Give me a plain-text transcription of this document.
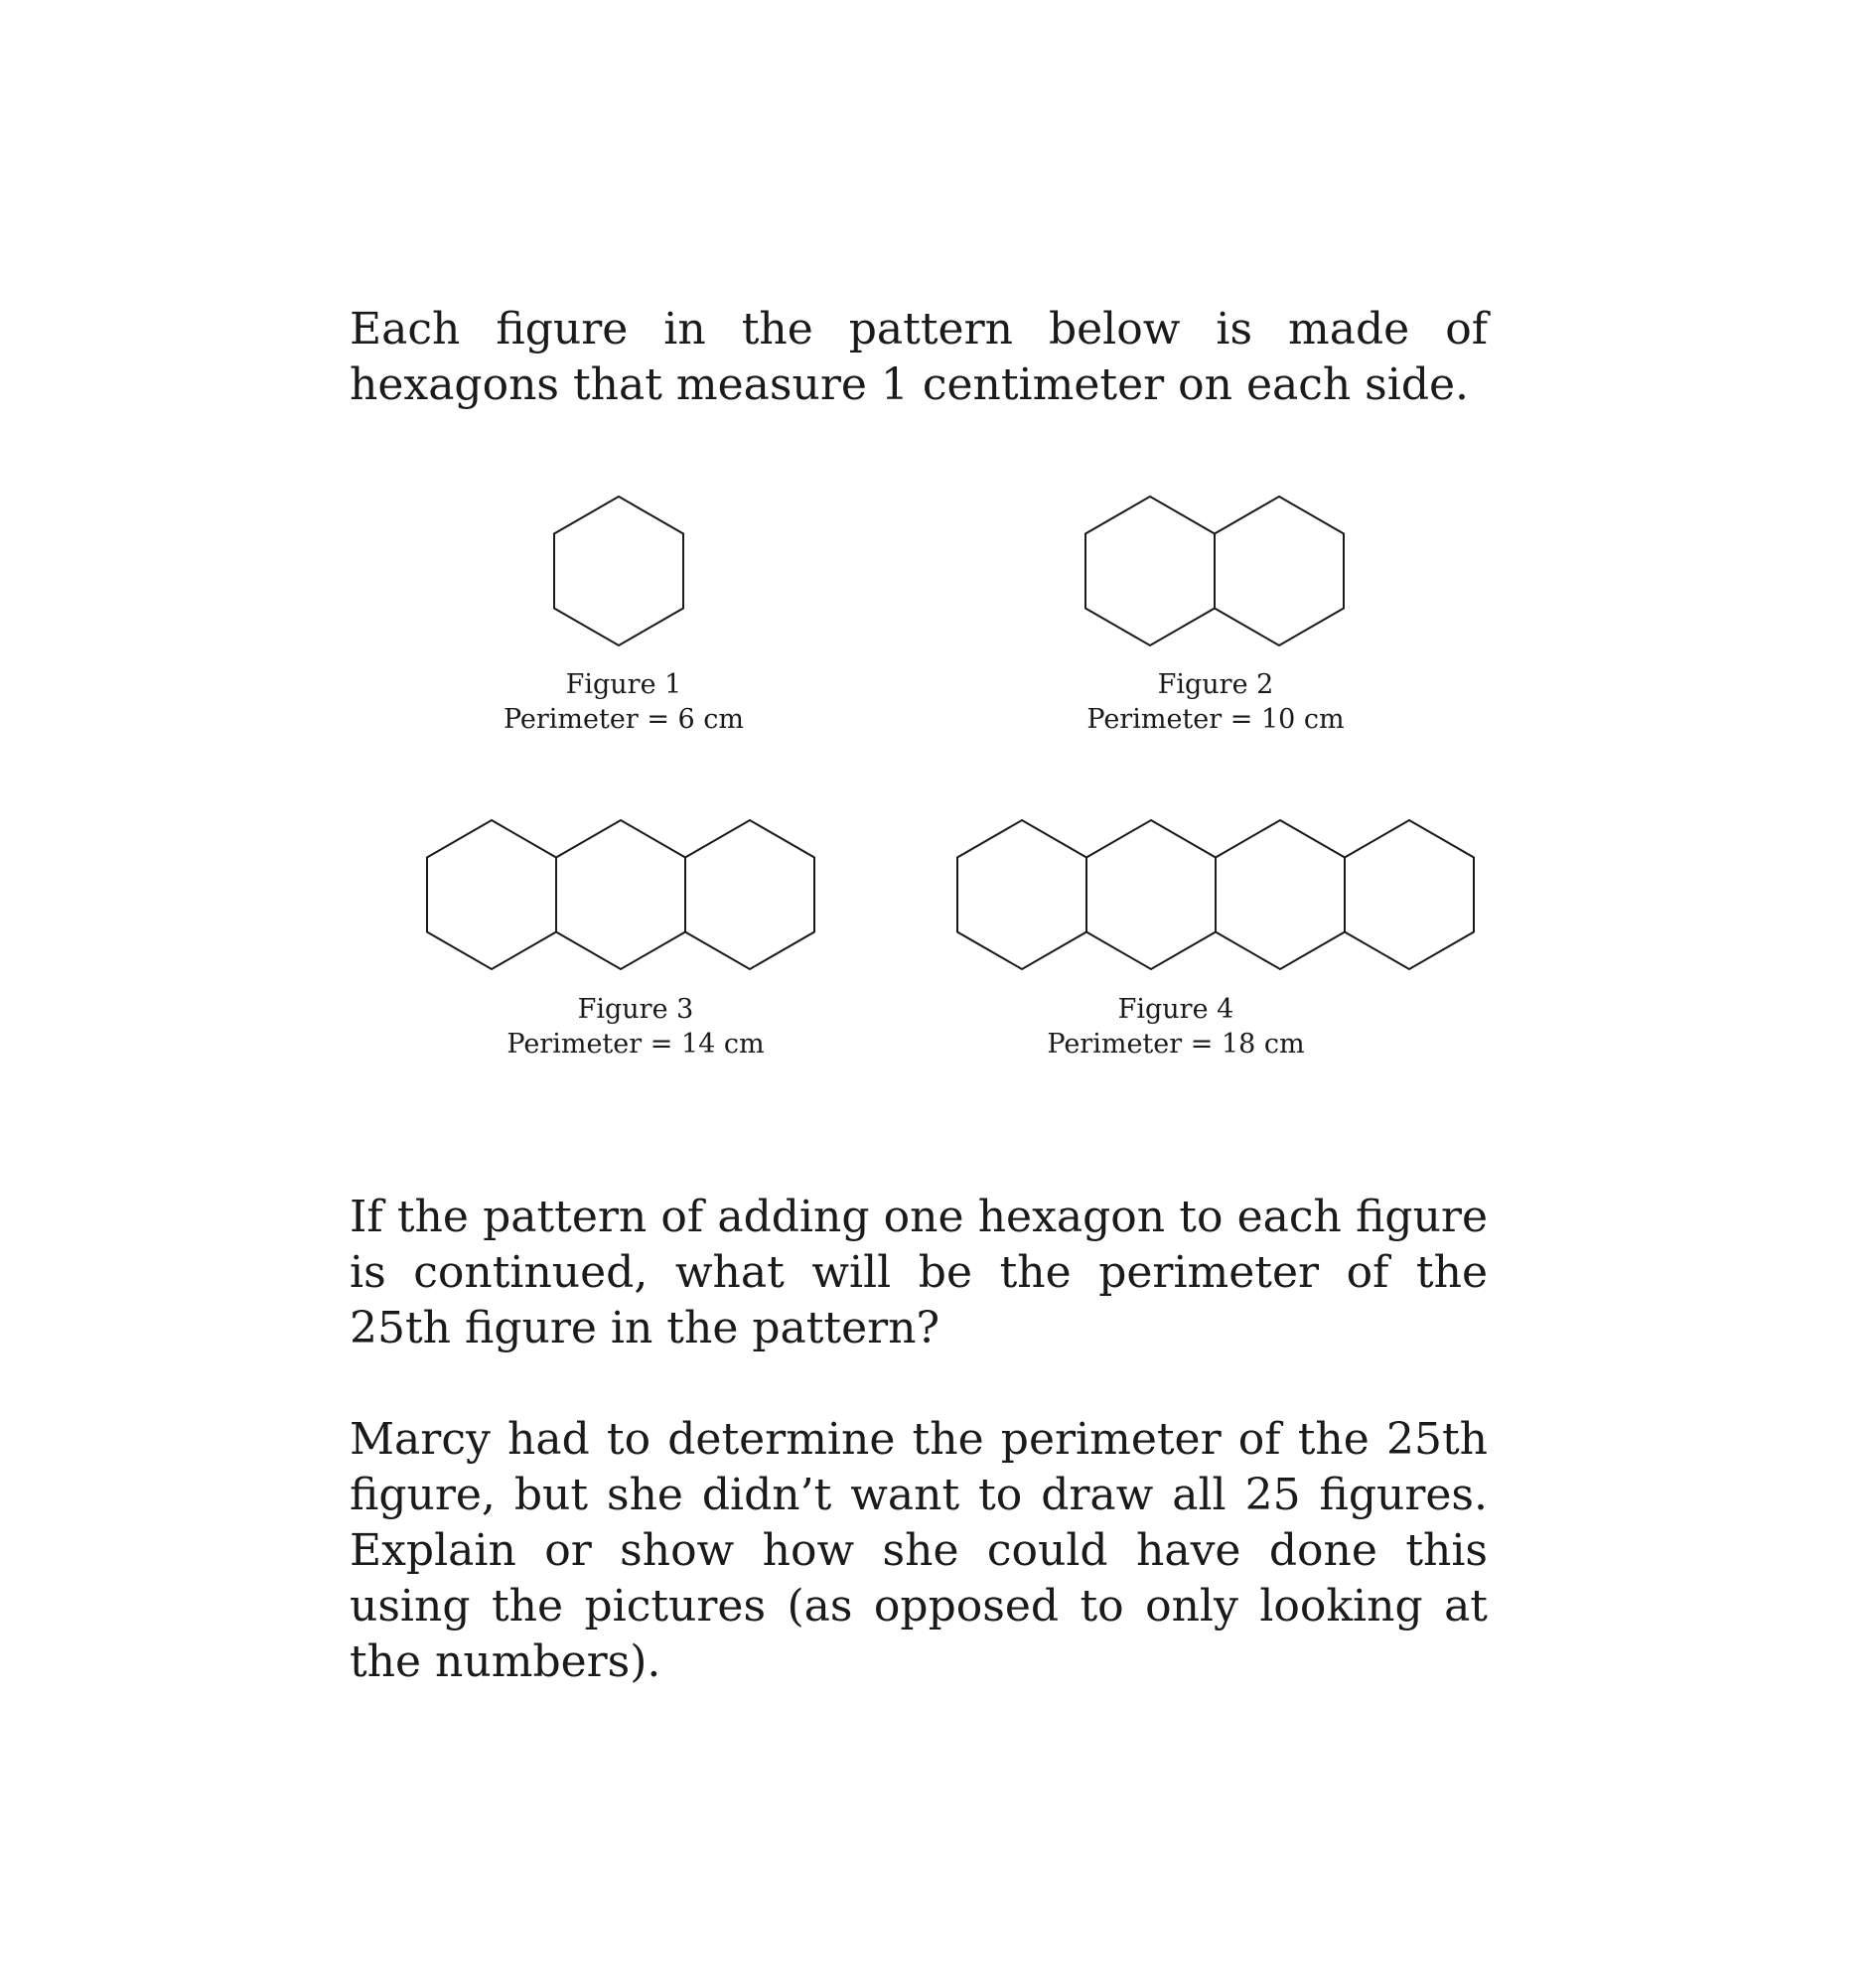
Each figure in the pattern below is made of hexagons that measure 1 centimeter on each side.

Figure 1
Perimeter = 6 cm
Figure 2
Perimeter = 10 cm
Figure 3
Perimeter = 14 cm
Figure 4
Perimeter = 18 cm

If the pattern of adding one hexagon to each figure is continued, what will be the perimeter of the 25th figure in the pattern?

Marcy had to determine the perimeter of the 25th figure, but she didn’t want to draw all 25 figures. Explain or show how she could have done this using the pictures (as opposed to only looking at the numbers).
